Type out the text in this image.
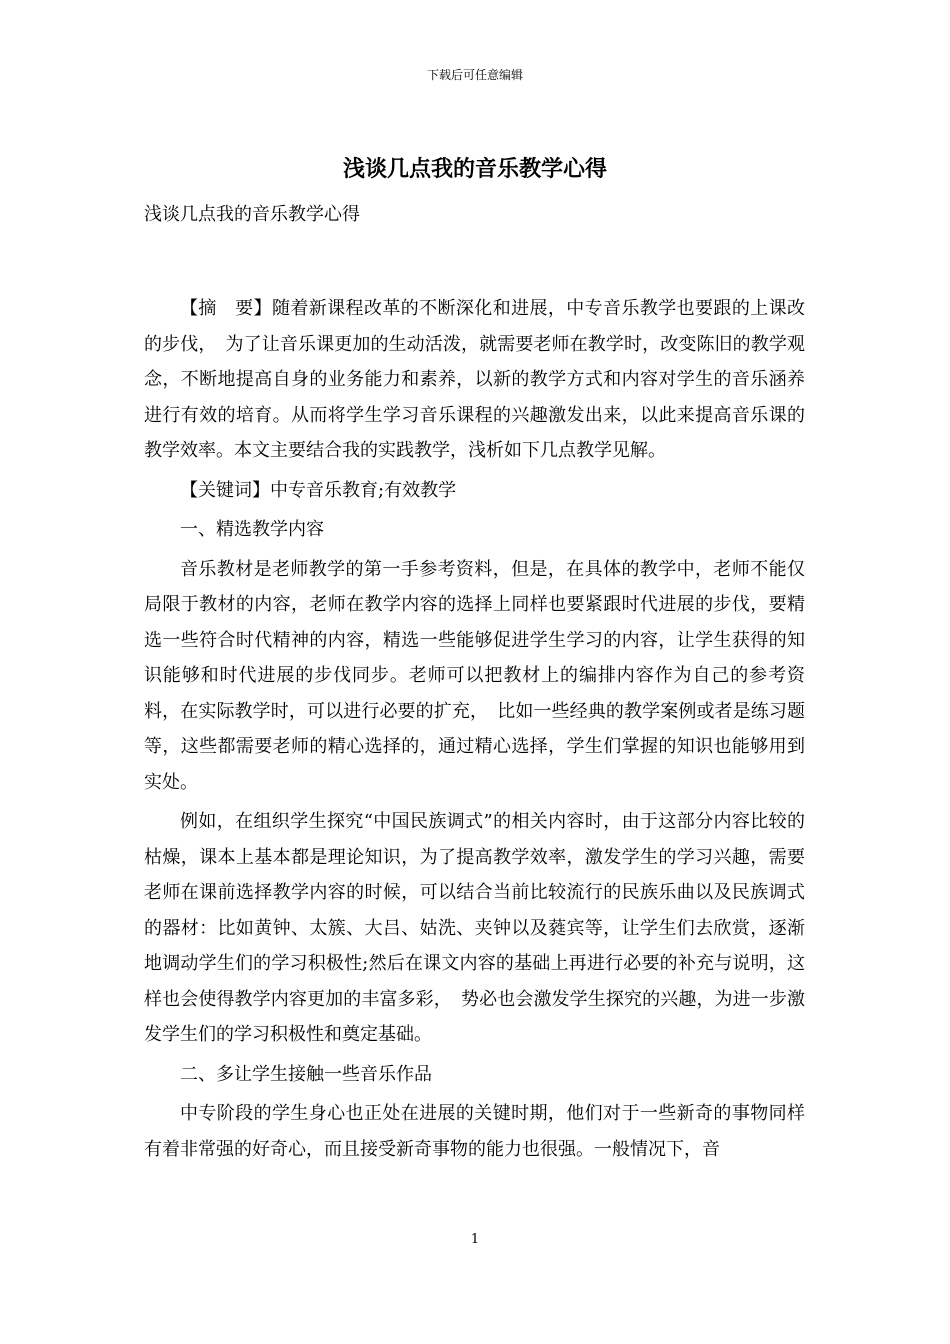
下载后可任意编辑
浅谈几点我的音乐教学心得

浅谈几点我的音乐教学心得

【摘　要】随着新课程改革的不断深化和进展，中专音乐教学也要跟的上课改的步伐，　为了让音乐课更加的生动活泼，就需要老师在教学时，改变陈旧的教学观念，不断地提高自身的业务能力和素养，以新的教学方式和内容对学生的音乐涵养进行有效的培育。从而将学生学习音乐课程的兴趣激发出来，以此来提高音乐课的教学效率。本文主要结合我的实践教学，浅析如下几点教学见解。

【关键词】中专音乐教育;有效教学

一、精选教学内容

音乐教材是老师教学的第一手参考资料，但是，在具体的教学中，老师不能仅局限于教材的内容，老师在教学内容的选择上同样也要紧跟时代进展的步伐，要精选一些符合时代精神的内容，精选一些能够促进学生学习的内容，让学生获得的知识能够和时代进展的步伐同步。老师可以把教材上的编排内容作为自己的参考资料，在实际教学时，可以进行必要的扩充，　比如一些经典的教学案例或者是练习题等，这些都需要老师的精心选择的，通过精心选择，学生们掌握的知识也能够用到实处。

例如，在组织学生探究“中国民族调式”的相关内容时，由于这部分内容比较的枯燥，课本上基本都是理论知识，为了提高教学效率，激发学生的学习兴趣，需要老师在课前选择教学内容的时候，可以结合当前比较流行的民族乐曲以及民族调式的器材：比如黄钟、太簇、大吕、姑洗、夹钟以及蕤宾等，让学生们去欣赏，逐渐地调动学生们的学习积极性;然后在课文内容的基础上再进行必要的补充与说明，这样也会使得教学内容更加的丰富多彩，　势必也会激发学生探究的兴趣，为进一步激发学生们的学习积极性和奠定基础。

二、多让学生接触一些音乐作品

中专阶段的学生身心也正处在进展的关键时期，他们对于一些新奇的事物同样有着非常强的好奇心，而且接受新奇事物的能力也很强。一般情况下，音

1
